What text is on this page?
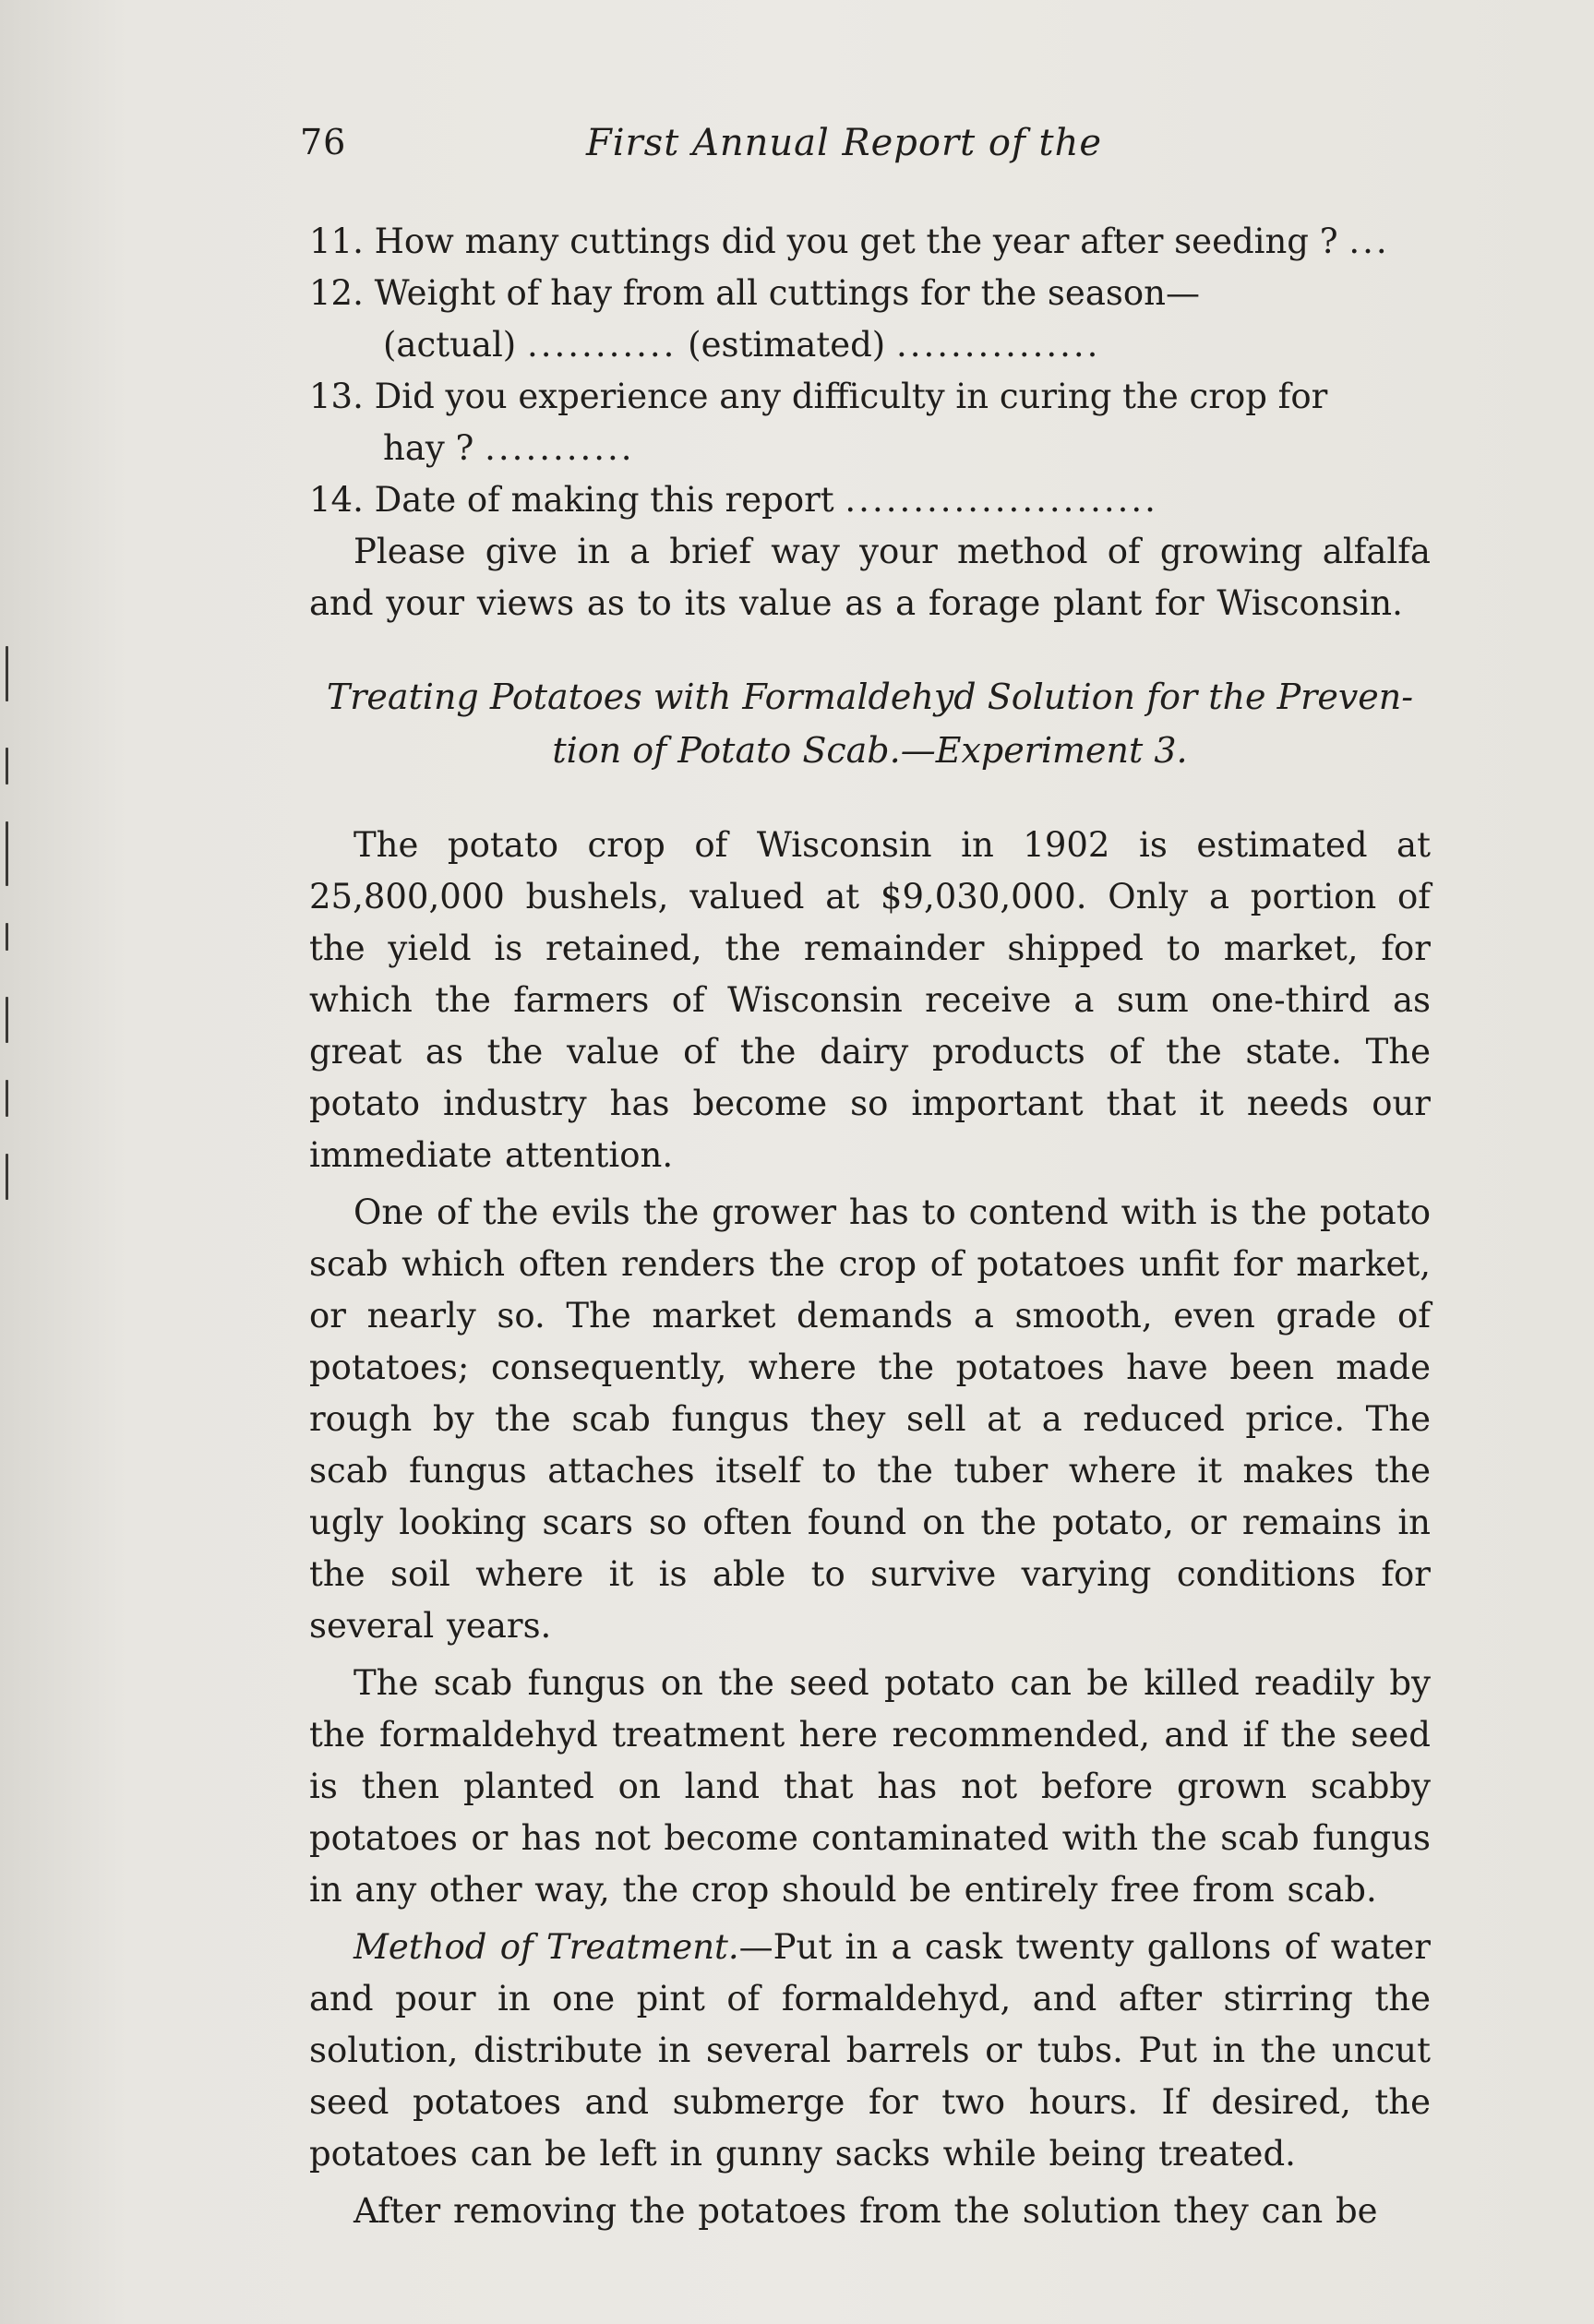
76	First Annual Report of the

11. How many cuttings did you get the year after seeding ? ...

12. Weight of hay from all cuttings for the season—

(actual) ........... (estimated) ...............

13. Did you experience any difficulty in curing the crop for

hay ? ...........

14. Date of making this report .......................

Please give in a brief way your method of growing alfalfa and your views as to its value as a forage plant for Wisconsin.

Treating Potatoes with Formaldehyd Solution for the Preven-
tion of Potato Scab.—Experiment 3.

The potato crop of Wisconsin in 1902 is estimated at 25,800,000 bushels, valued at $9,030,000. Only a portion of the yield is retained, the remainder shipped to market, for which the farmers of Wisconsin receive a sum one-third as great as the value of the dairy products of the state. The potato industry has become so important that it needs our immediate attention.

One of the evils the grower has to contend with is the potato scab which often renders the crop of potatoes unfit for market, or nearly so. The market demands a smooth, even grade of potatoes; consequently, where the potatoes have been made rough by the scab fungus they sell at a reduced price. The scab fungus attaches itself to the tuber where it makes the ugly looking scars so often found on the potato, or remains in the soil where it is able to survive varying conditions for several years.

The scab fungus on the seed potato can be killed readily by the formaldehyd treatment here recommended, and if the seed is then planted on land that has not before grown scabby potatoes or has not become contaminated with the scab fungus in any other way, the crop should be entirely free from scab.

Method of Treatment.—Put in a cask twenty gallons of water and pour in one pint of formaldehyd, and after stirring the solution, distribute in several barrels or tubs. Put in the uncut seed potatoes and submerge for two hours. If desired, the potatoes can be left in gunny sacks while being treated.

After removing the potatoes from the solution they can be
